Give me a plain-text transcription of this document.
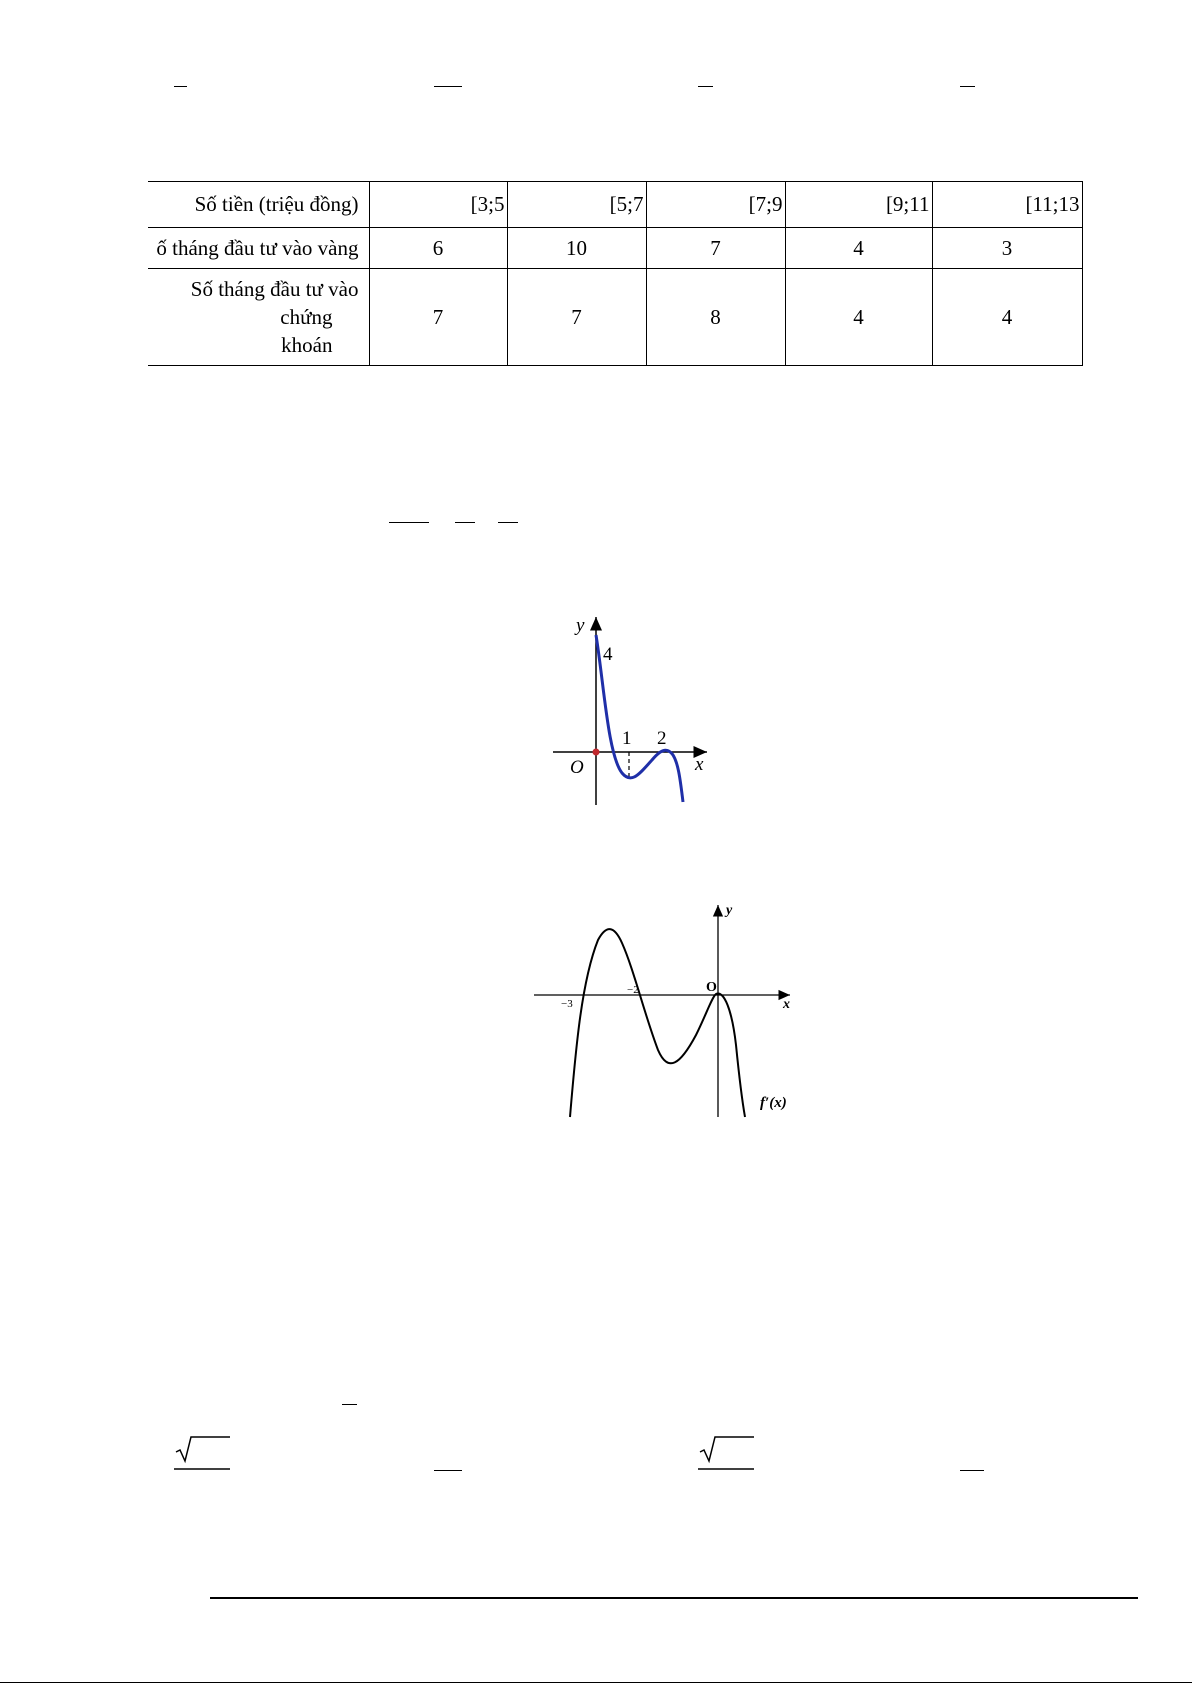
Số tiền (triệu đồng)	[3;5	[5;7	[7;9	[9;11	[11;13
ố tháng đầu tư vào vàng	6	10	7	4	3

Số tháng đầu tư vào
chứng
khoán	7	7	8	4	4
y
4
1 2
x
O
y
O
−3
−2
x
f′(x)
